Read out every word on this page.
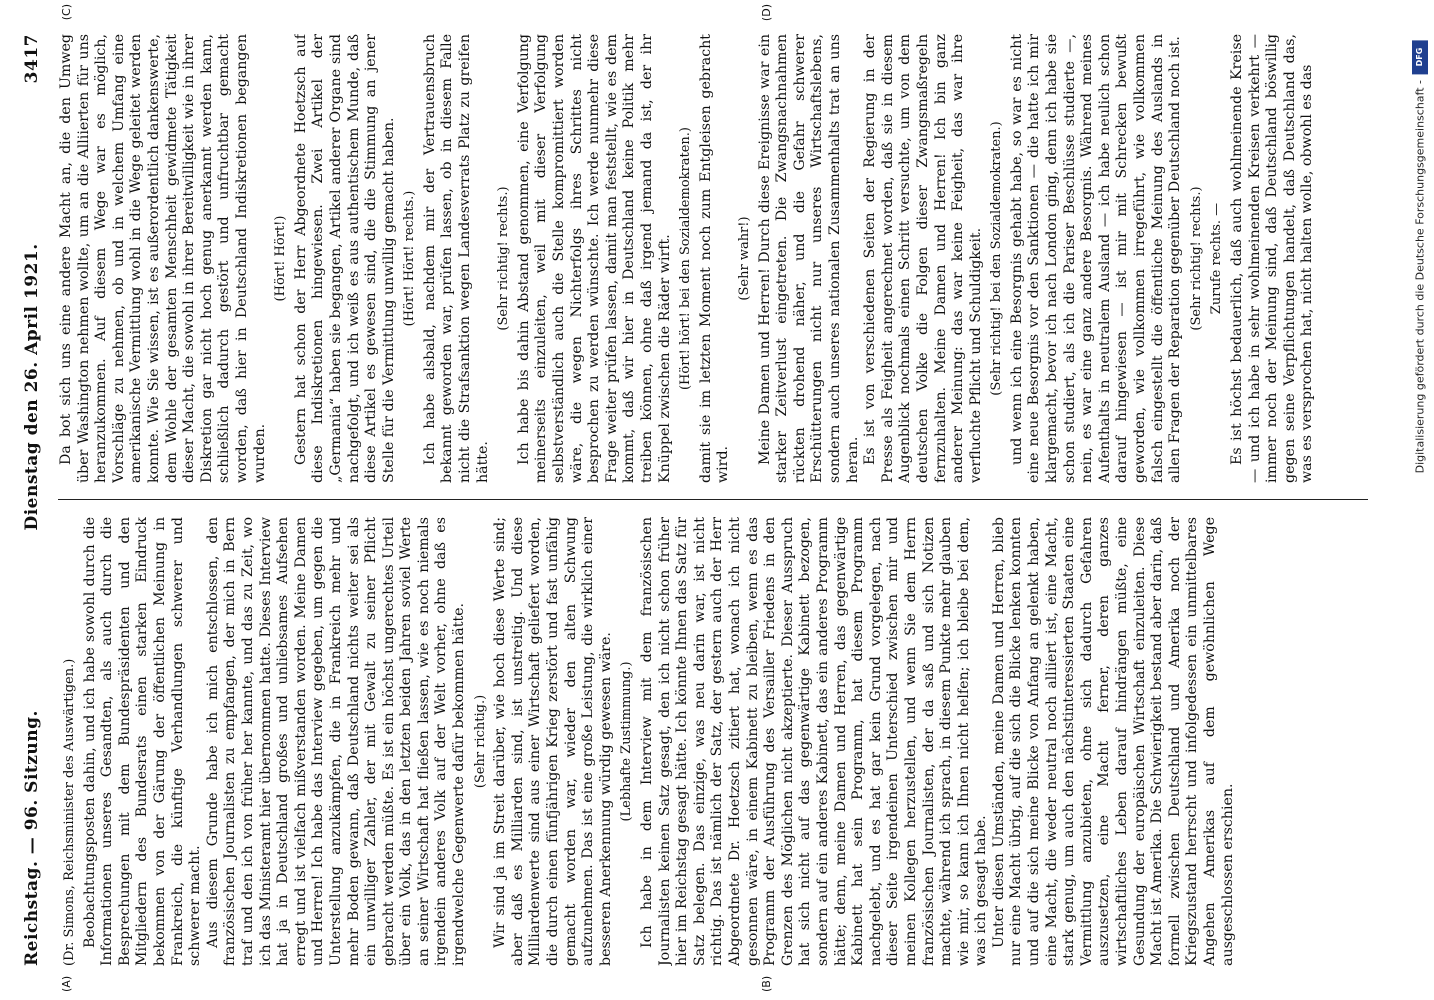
Reichstag. — 96. Sitzung.
Dienstag den 26. April 1921.
3417

(Dr. Simons, Reichsminister des Auswärtigen.) Beobachtungsposten dahin, und ich habe sowohl durch die Informationen unseres Gesandten, als auch durch die Besprechungen mit dem Bundespräsidenten und den Mitgliedern des Bundesrats einen starken Eindruck bekommen von der Gärung der öffentlichen Meinung in Frankreich, die künftige Verhandlungen schwerer und schwerer macht. Aus diesem Grunde habe ich mich entschlossen, den französischen Journalisten zu empfangen, der mich in Bern traf und den ich von früher her kannte, und das zu Zeit, wo ich das Ministeramt hier übernommen hatte. Dieses Interview hat ja in Deutschland großes und unliebsames Aufsehen erregt und ist vielfach mißverstanden worden. Meine Damen und Herren! Ich habe das Interview gegeben, um gegen die Unterstellung anzukämpfen, die in Frankreich mehr und mehr Boden gewann, daß Deutschland nichts weiter sei als ein unwilliger Zahler, der mit Gewalt zu seiner Pflicht gebracht werden müßte. Es ist ein höchst ungerechtes Urteil über ein Volk, das in den letzten beiden Jahren soviel Werte an seiner Wirtschaft hat fließen lassen, wie es noch niemals irgendein anderes Volk auf der Welt vorher, ohne daß es irgendwelche Gegenwerte dafür bekommen hätte. (Sehr richtig.) Wir sind ja im Streit darüber, wie hoch diese Werte sind; aber daß es Milliarden sind, ist unstreitig. Und diese Milliardenwerte sind aus einer Wirtschaft geliefert worden, die durch einen fünfjährigen Krieg zerstört und fast unfähig gemacht worden war, wieder den alten Schwung aufzunehmen. Das ist eine große Leistung, die wirklich einer besseren Anerkennung würdig gewesen wäre. (Lebhafte Zustimmung.) Ich habe in dem Interview mit dem französischen Journalisten keinen Satz gesagt, den ich nicht schon früher hier im Reichstag gesagt hätte. Ich könnte Ihnen das Satz für Satz belegen. Das einzige, was neu darin war, ist nicht richtig. Das ist nämlich der Satz, der gestern auch der Herr Abgeordnete Dr. Hoetzsch zitiert hat, wonach ich nicht gesonnen wäre, in einem Kabinett zu bleiben, wenn es das Programm der Ausführung des Versailler Friedens in den Grenzen des Möglichen nicht akzeptierte. Dieser Ausspruch hat sich nicht auf das gegenwärtige Kabinett bezogen, sondern auf ein anderes Kabinett, das ein anderes Programm hätte; denn, meine Damen und Herren, das gegenwärtige Kabinett hat sein Programm, hat diesem Programm nachgelebt, und es hat gar kein Grund vorgelegen, nach dieser Seite irgendeinen Unterschied zwischen mir und meinen Kollegen herzustellen, und wenn Sie dem Herrn französischen Journalisten, der da saß und sich Notizen machte, während ich sprach, in diesem Punkte mehr glauben wie mir, so kann ich Ihnen nicht helfen; ich bleibe bei dem, was ich gesagt habe. Unter diesen Umständen, meine Damen und Herren, blieb nur eine Macht übrig, auf die sich die Blicke lenken konnten und auf die sich meine Blicke von Anfang an gelenkt haben, eine Macht, die weder neutral noch alliiert ist, eine Macht, stark genug, um auch den nächstinteressierten Staaten eine Vermittlung anzubieten, ohne sich dadurch Gefahren auszusetzen, eine Macht ferner, deren ganzes wirtschaftliches Leben darauf hindrängen müßte, eine Gesundung der europäischen Wirtschaft einzuleiten. Diese Macht ist Amerika. Die Schwierigkeit bestand aber darin, daß formell zwischen Deutschland und Amerika noch der Kriegszustand herrscht und infolgedessen ein unmittelbares Angehen Amerikas auf dem gewöhnlichen Wege ausgeschlossen erschien.

Da bot sich uns eine andere Macht an, die den Umweg über Washington nehmen wollte, um an die Alliierten für uns heranzukommen. Auf diesem Wege war es möglich, Vorschläge zu nehmen, ob und in welchem Umfang eine amerikanische Vermittlung wohl in die Wege geleitet werden konnte. Wie Sie wissen, ist es außerordentlich dankenswerte, dem Wohle der gesamten Menschheit gewidmete Tätigkeit dieser Macht, die sowohl in ihrer Bereitwilligkeit wie in ihrer Diskretion gar nicht hoch genug anerkannt werden kann, schließlich dadurch gestört und unfruchtbar gemacht worden, daß hier in Deutschland Indiskretionen begangen wurden.

(Hört! Hört!) Gestern hat schon der Herr Abgeordnete Hoetzsch auf diese Indiskretionen hingewiesen. Zwei Artikel der „Germania“ haben sie begangen, Artikel anderer Organe sind nachgefolgt, und ich weiß es aus authentischem Munde, daß diese Artikel es gewesen sind, die die Stimmung an jener Stelle für die Vermittlung unwillig gemacht haben. (Hört! Hört! rechts.) Ich habe alsbald, nachdem mir der Vertrauensbruch bekannt geworden war, prüfen lassen, ob in diesem Falle nicht die Strafsanktion wegen Landesverrats Platz zu greifen hätte.

(Sehr richtig! rechts.) Ich habe bis dahin Abstand genommen, eine Verfolgung meinerseits einzuleiten, weil mit dieser Verfolgung selbstverständlich auch die Stelle kompromittiert worden wäre, die wegen Nichterfolgs ihres Schrittes nicht besprochen zu werden wünschte. Ich werde nunmehr diese Frage weiter prüfen lassen, damit man feststellt, wie es dem kommt, daß wir hier in Deutschland keine Politik mehr treiben können, ohne daß irgend jemand da ist, der ihr Knüppel zwischen die Räder wirft. (Hört! hört! bei den Sozialdemokraten.) damit sie im letzten Moment noch zum Entgleisen gebracht wird.

(Sehr wahr!) Meine Damen und Herren! Durch diese Ereignisse war ein starker Zeitverlust eingetreten. Die Zwangsnachnahmen rückten drohend näher, und die Gefahr schwerer Erschütterungen nicht nur unseres Wirtschaftslebens, sondern auch unseres nationalen Zusammenhalts trat an uns heran. Es ist von verschiedenen Seiten der Regierung in der Presse als Feigheit angerechnet worden, daß sie in diesem Augenblick nochmals einen Schritt versuchte, um von dem deutschen Volke die Folgen dieser Zwangsmaßregeln fernzuhalten. Meine Damen und Herren! Ich bin ganz anderer Meinung: das war keine Feigheit, das war ihre verfluchte Pflicht und Schuldigkeit. (Sehr richtig! bei den Sozialdemokraten.) und wenn ich eine Besorgnis gehabt habe, so war es nicht eine neue Besorgnis vor den Sanktionen — die hatte ich mir klargemacht, bevor ich nach London ging, denn ich habe sie schon studiert, als ich die Pariser Beschlüsse studierte —, nein, es war eine ganz andere Besorgnis. Während meines Aufenthalts in neutralem Ausland — ich habe neulich schon darauf hingewiesen — ist mir mit Schrecken bewußt geworden, wie vollkommen irregeführt, wie vollkommen falsch eingestellt die öffentliche Meinung des Auslands in allen Fragen der Reparation gegenüber Deutschland noch ist. (Sehr richtig! rechts.) Zurufe rechts. — Es ist höchst bedauerlich, daß auch wohlmeinende Kreise — und ich habe in sehr wohlmeinenden Kreisen verkehrt — immer noch der Meinung sind, daß Deutschland böswillig gegen seine Verpflichtungen handelt, daß Deutschland das, was es versprochen hat, nicht halten wolle, obwohl es das

(A)	(B)
(C)	(D)
Digitalisierung gefördert durch die Deutsche Forschungsgemeinschaft -
DFG
